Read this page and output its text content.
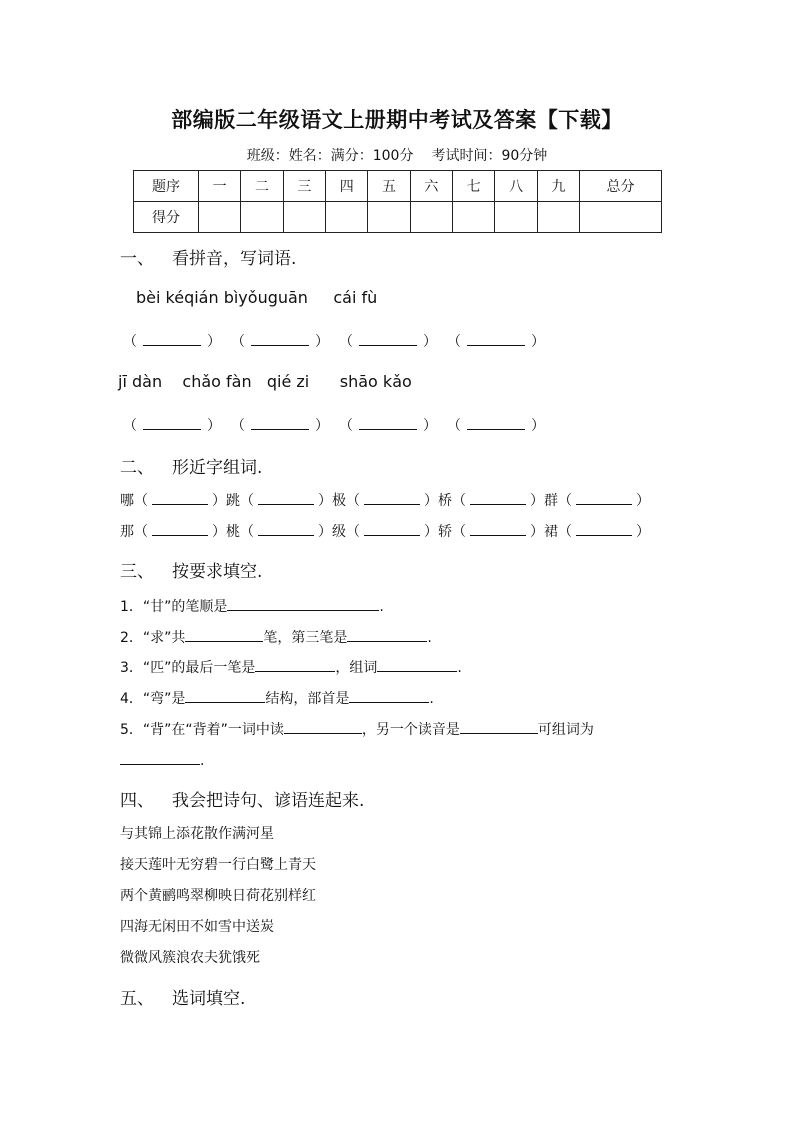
部编版二年级语文上册期中考试及答案【下载】
班级：姓名：满分：100分 考试时间：90分钟
题序	一	二	三	四	五	六	七	八	九	总分
得分										
一、 看拼音，写词语.
bèi kéqián bìyǒuguān     cái fù
（	） （	） （	） （	）
jī dàn    chǎo fàn   qié zi      shāo kǎo
（	） （	） （	） （	）
二、 形近字组词.
哪（	）跳（	）极（	）桥（	）群（	）
那（	）桃（	）级（	）轿（	）裙（	）
三、 按要求填空.
1．“甘”的笔顺是	.
2．“求”共	笔，第三笔是	.
3．“匹”的最后一笔是	，组词	.
4．“弯”是	结构，部首是	.
5．“背”在“背着”一词中读	，另一个读音是	可组词为
.
四、 我会把诗句、谚语连起来.
与其锦上添花散作满河星
接天莲叶无穷碧一行白鹭上青天
两个黄鹂鸣翠柳映日荷花别样红
四海无闲田不如雪中送炭
微微风簇浪农夫犹饿死
五、 选词填空.
